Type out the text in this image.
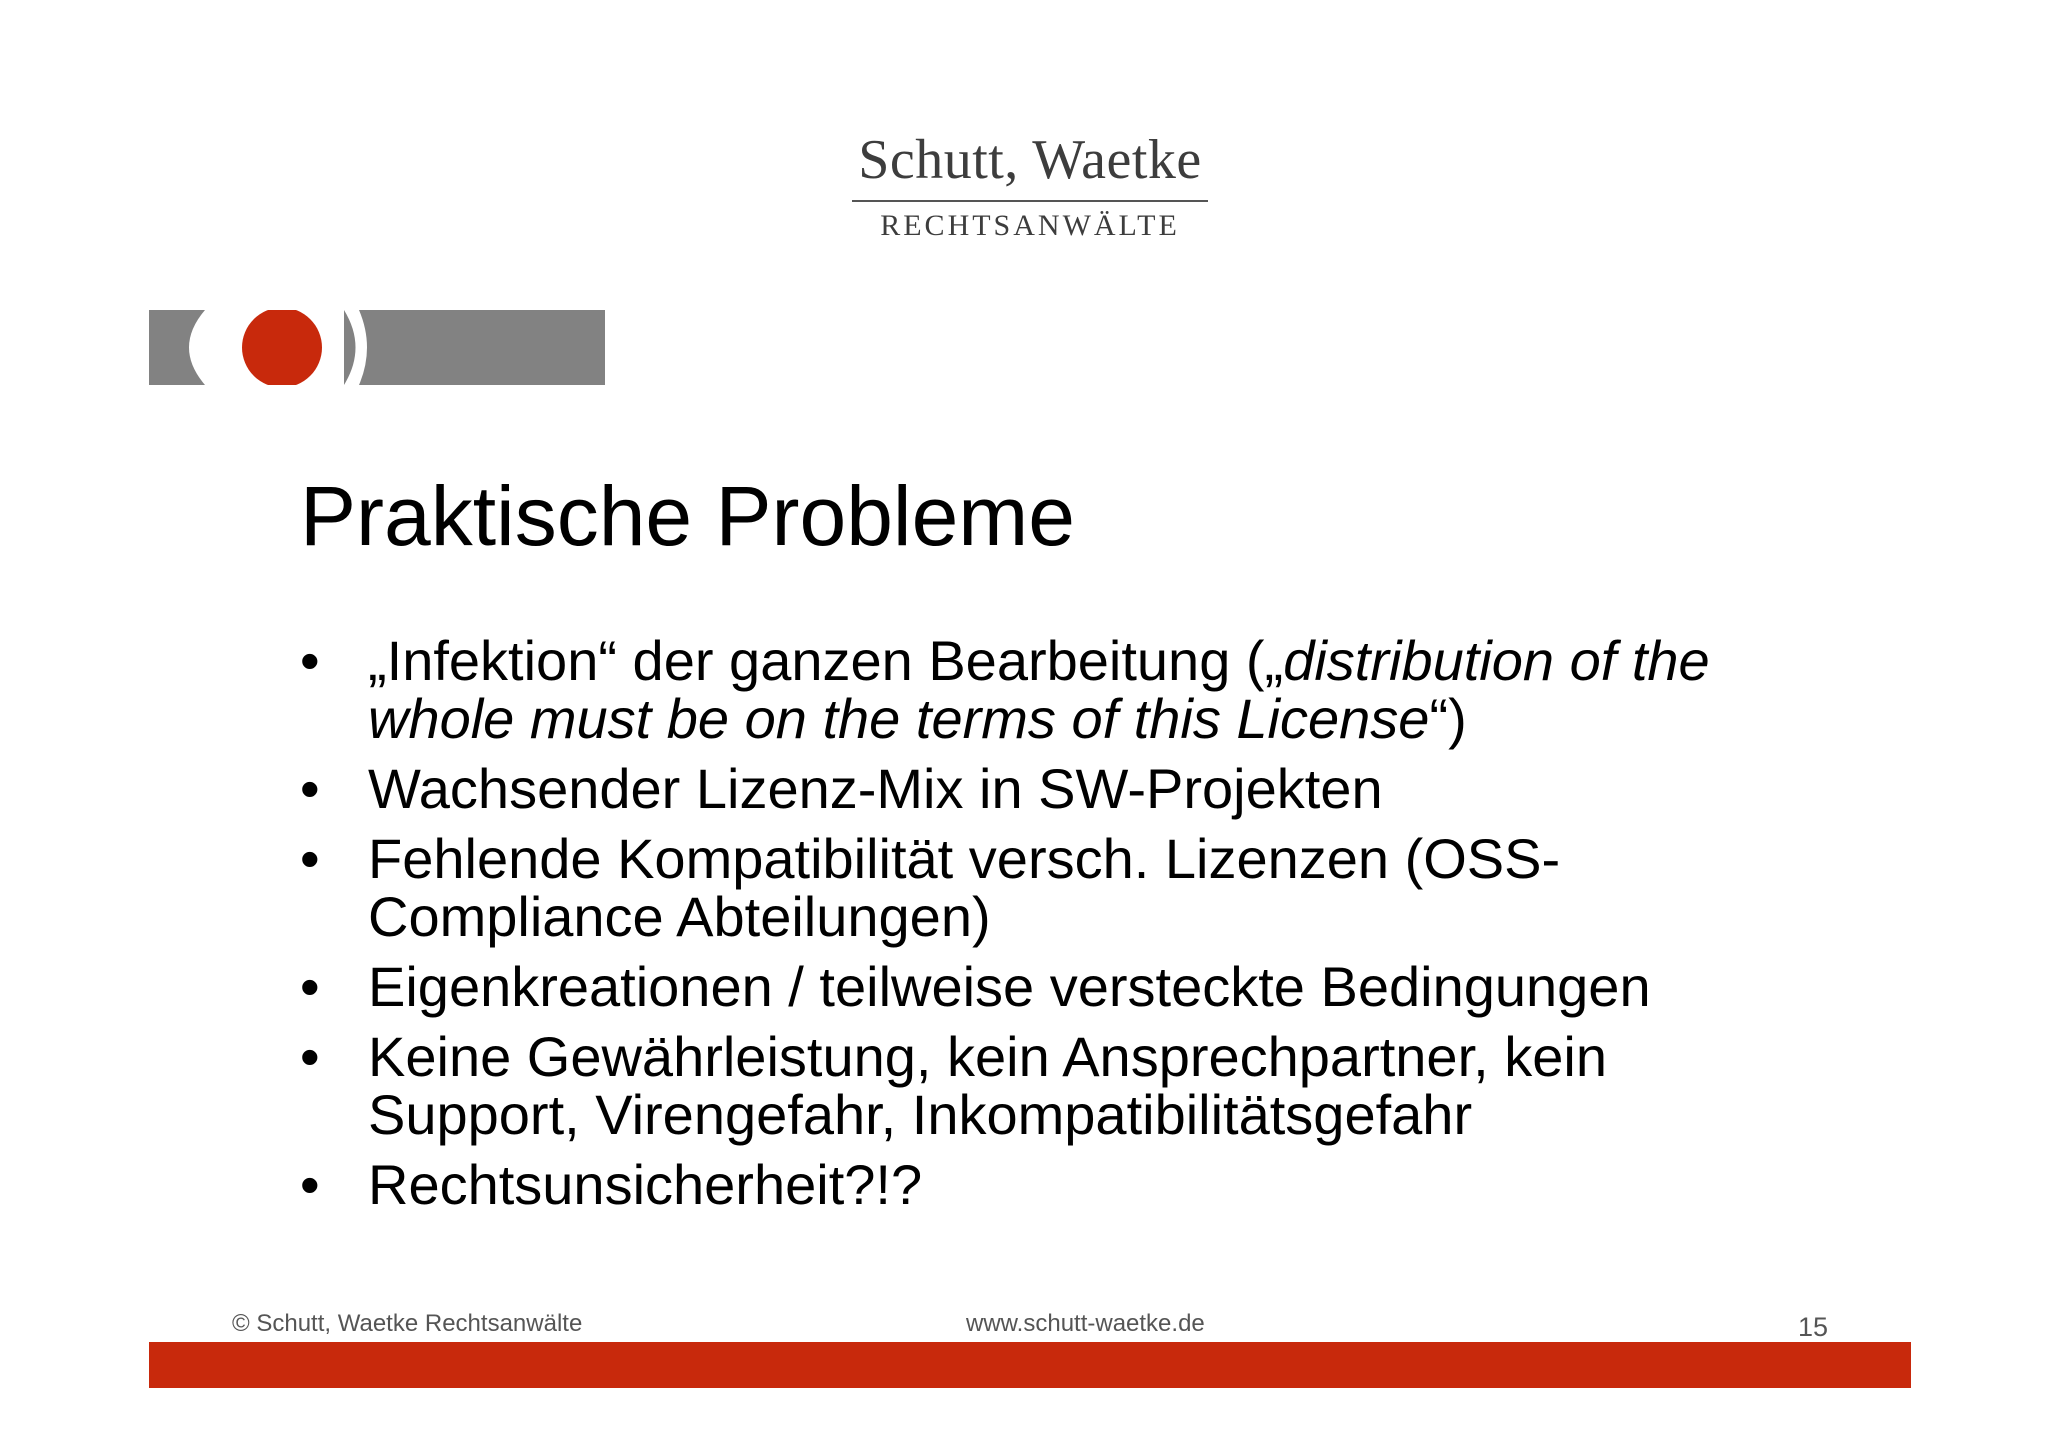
Schutt, Waetke
RECHTSANWÄLTE
Praktische Probleme
• „Infektion“ der ganzen Bearbeitung („distribution of the whole must be on the terms of this License“)
• Wachsender Lizenz-Mix in SW-Projekten
• Fehlende Kompatibilität versch. Lizenzen (OSS-Compliance Abteilungen)
• Eigenkreationen / teilweise versteckte Bedingungen
• Keine Gewährleistung, kein Ansprechpartner, kein Support, Virengefahr, Inkompatibilitätsgefahr
• Rechtsunsicherheit?!?
© Schutt, Waetke Rechtsanwälte	www.schutt-waetke.de	15
